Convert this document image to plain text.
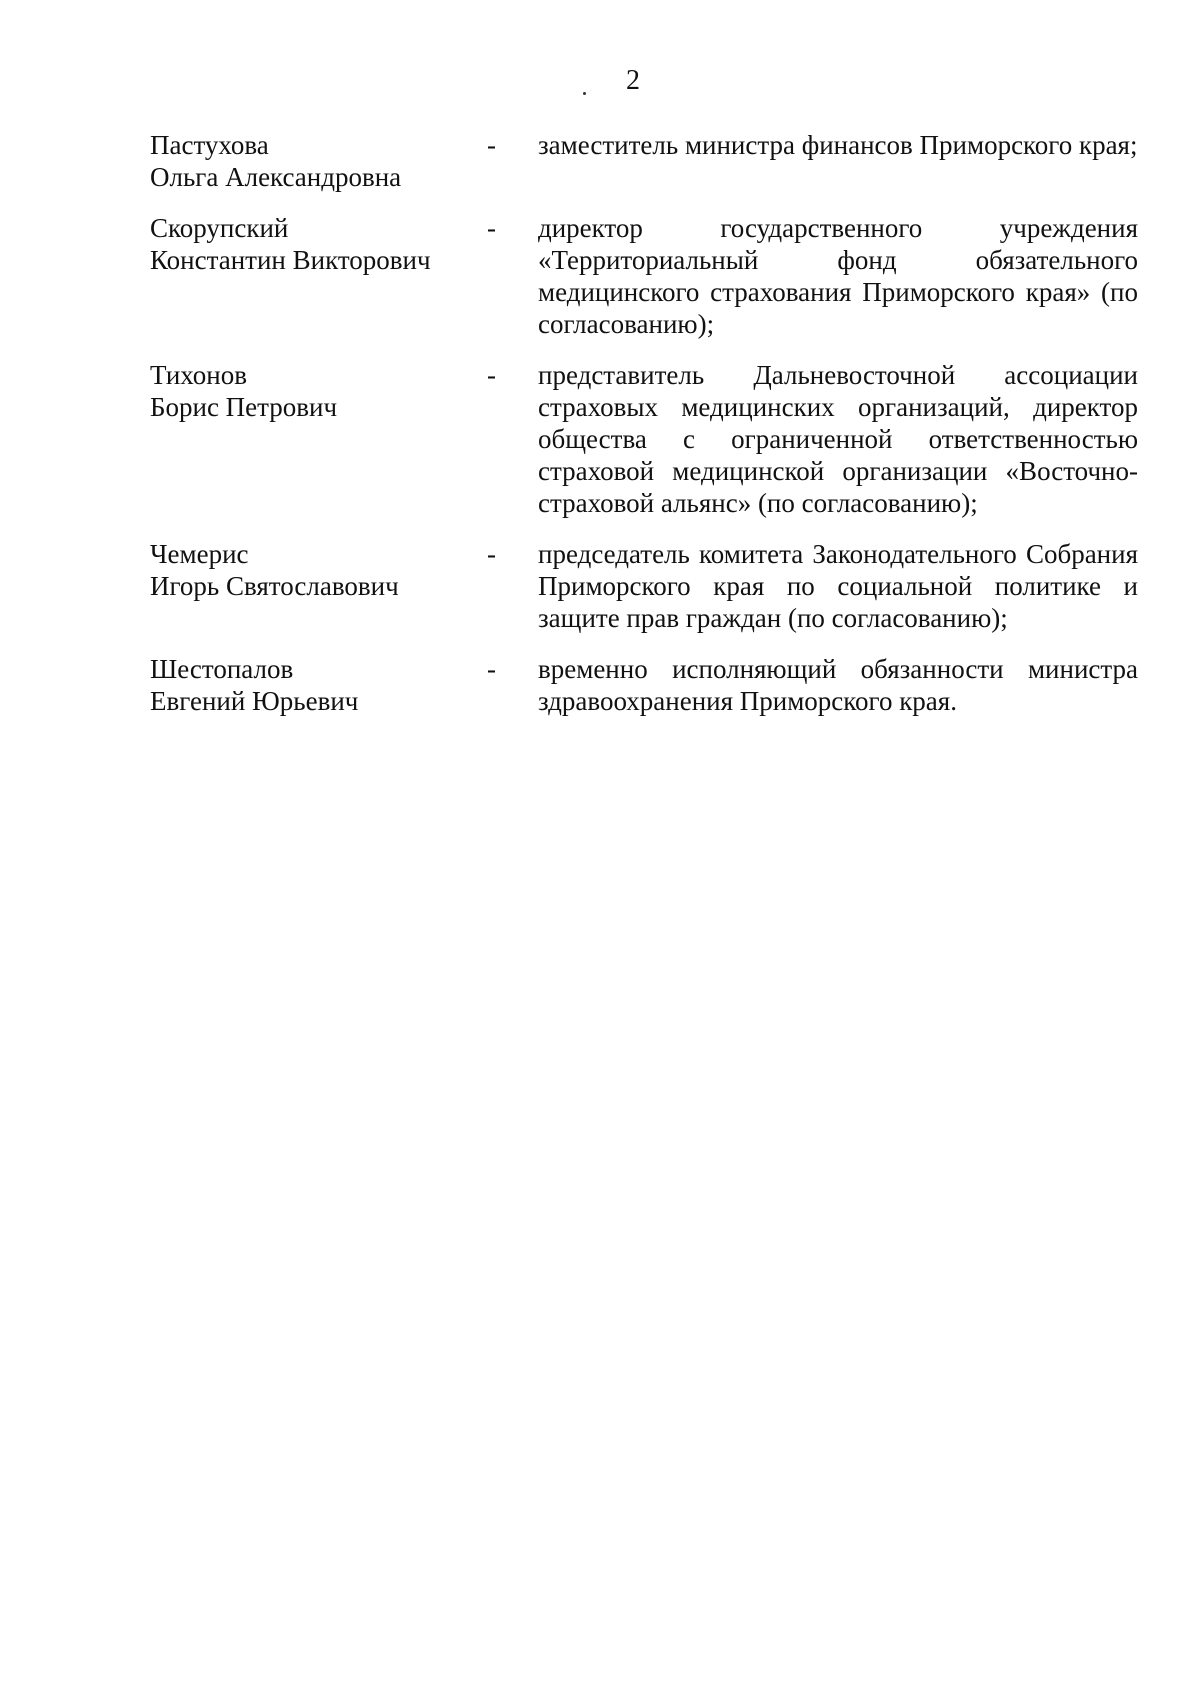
2
Пастухова
Ольга Александровна
-	заместитель министра финансов Приморского края;
Скорупский
Константин Викторович
-	директор государственного учреждения «Территориальный фонд обязательного медицинского страхования Приморского края» (по согласованию);
Тихонов
Борис Петрович
-	представитель Дальневосточной ассоциации страховых медицинских организаций, директор общества с ограниченной ответственностью страховой медицинской организации «Восточно-страховой альянс» (по согласованию);
Чемерис
Игорь Святославович
-	председатель комитета Законодательного Собрания Приморского края по социальной политике и защите прав граждан (по согласованию);
Шестопалов
Евгений Юрьевич
-	временно исполняющий обязанности министра здравоохранения Приморского края.
